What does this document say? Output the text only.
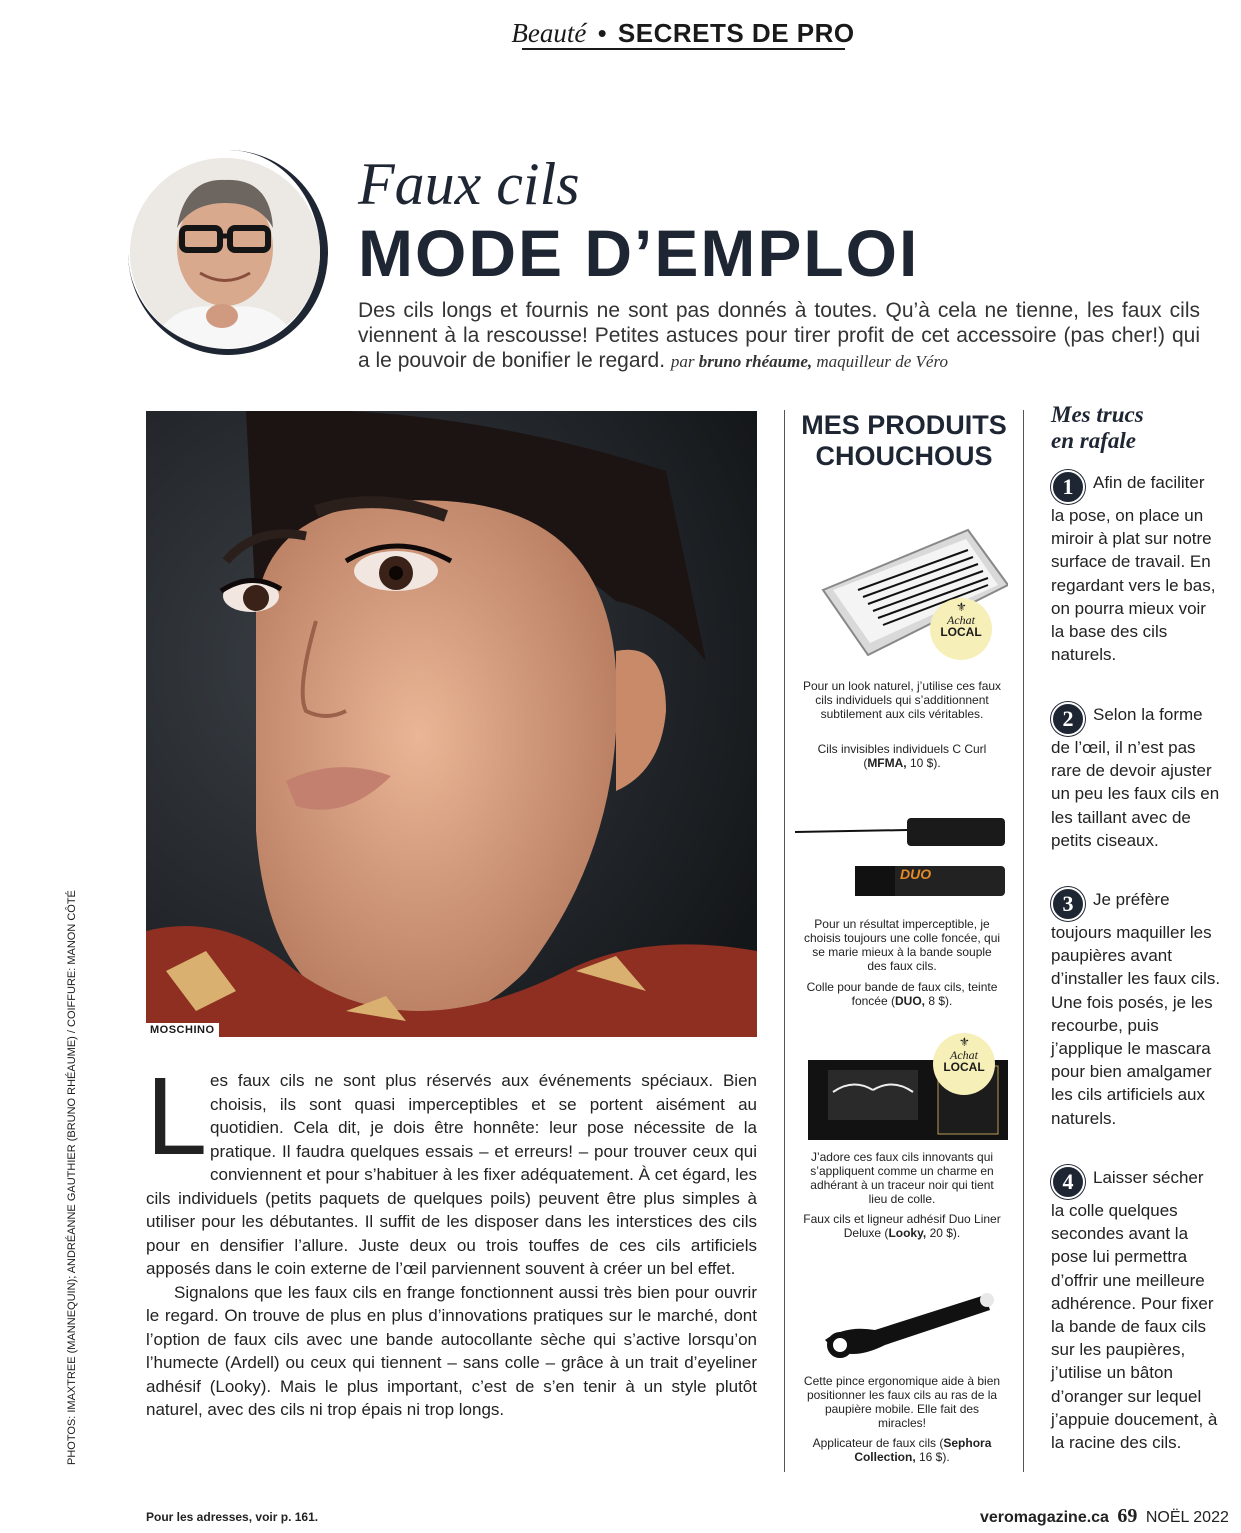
Beauté • SECRETS DE PRO
Faux cils
MODE D’EMPLOI
Des cils longs et fournis ne sont pas donnés à toutes. Qu’à cela ne tienne, les faux cils viennent à la rescousse! Petites astuces pour tirer profit de cet accessoire (pas cher!) qui a le pouvoir de bonifier le regard. par bruno rhéaume, maquilleur de Véro
MOSCHINO
PHOTOS: IMAXTREE (MANNEQUIN); ANDRÉANNE GAUTHIER (BRUNO RHÉAUME) / COIFFURE: MANON CÔTÉ Les faux cils ne sont plus réservés aux événements spéciaux. Bien choisis, ils sont quasi imperceptibles et se portent aisément au quotidien. Cela dit, je dois être honnête: leur pose nécessite de la pratique. Il faudra quelques essais – et erreurs! – pour trouver ceux qui conviennent et pour s’habituer à les fixer adéquatement. À cet égard, les cils individuels (petits paquets de quelques poils) peuvent être plus simples à utiliser pour les débutantes. Il suffit de les disposer dans les interstices des cils pour en densifier l’allure. Juste deux ou trois touffes de ces cils artificiels apposés dans le coin externe de l’œil parviennent souvent à créer un bel effet.

Signalons que les faux cils en frange fonctionnent aussi très bien pour ouvrir le regard. On trouve de plus en plus d’innovations pratiques sur le marché, dont l’option de faux cils avec une bande autocollante sèche qui s’active lorsqu’on l’humecte (Ardell) ou ceux qui tiennent – sans colle – grâce à un trait d’eyeliner adhésif (Looky). Mais le plus important, c’est de s’en tenir à un style plutôt naturel, avec des cils ni trop épais ni trop longs.

MES PRODUITS CHOUCHOUS
⚜
Achat
LOCAL
Pour un look naturel, j’utilise ces faux cils individuels qui s’additionnent subtilement aux cils véritables.
Cils invisibles individuels C Curl (MFMA, 10 $).
DUO
Pour un résultat imperceptible, je choisis toujours une colle foncée, qui se marie mieux à la bande souple des faux cils.
Colle pour bande de faux cils, teinte foncée (DUO, 8 $).
⚜
Achat
LOCAL
J’adore ces faux cils innovants qui s’appliquent comme un charme en adhérant à un traceur noir qui tient lieu de colle.
Faux cils et ligneur adhésif Duo Liner Deluxe (Looky, 20 $).
Cette pince ergonomique aide à bien positionner les faux cils au ras de la paupière mobile. Elle fait des miracles!
Applicateur de faux cils (Sephora Collection, 16 $).
Mes trucs
en rafale
1 Afin de faciliter la pose, on place un miroir à plat sur notre surface de travail. En regardant vers le bas, on pourra mieux voir la base des cils naturels.
2 Selon la forme de l’œil, il n’est pas rare de devoir ajuster un peu les faux cils en les taillant avec de petits ciseaux.
3 Je préfère toujours maquiller les paupières avant d’installer les faux cils. Une fois posés, je les recourbe, puis j’applique le mascara pour bien amalgamer les cils artificiels aux naturels.
4 Laisser sécher la colle quelques secondes avant la pose lui permettra d’offrir une meilleure adhérence. Pour fixer la bande de faux cils sur les paupières, j’utilise un bâton d’oranger sur lequel j’appuie doucement, à la racine des cils.
Pour les adresses, voir p. 161.	veromagazine.ca 69 NOËL 2022
